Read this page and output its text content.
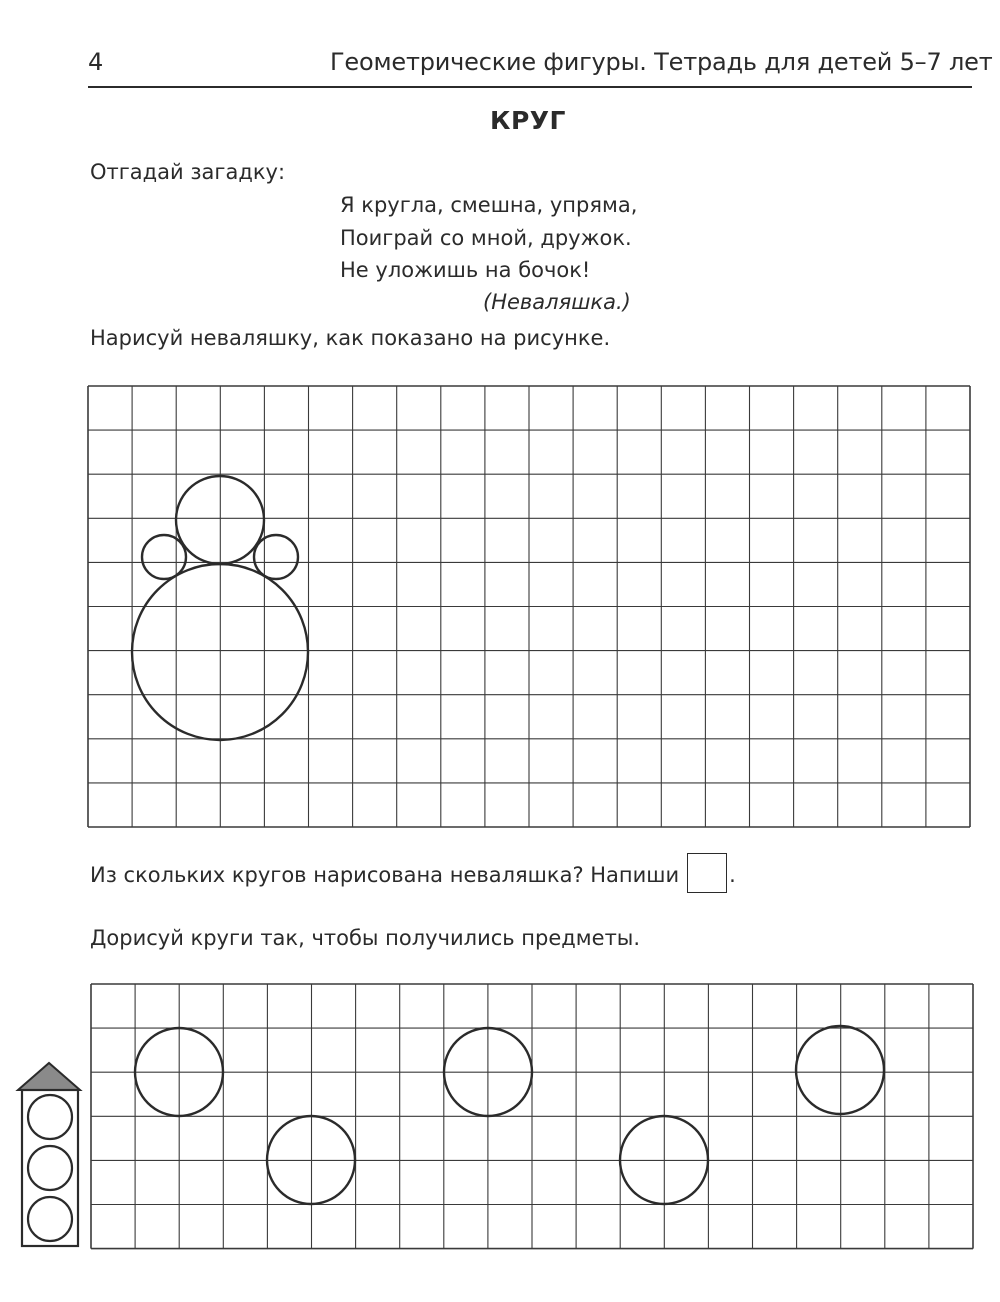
4	Геометрические фигуры. Тетрадь для детей 5–7 лет
КРУГ
Отгадай загадку:
Я кругла, смешна, упряма,
Поиграй со мной, дружок.
Не уложишь на бочок!
(Неваляшка.)
Нарисуй неваляшку, как показано на рисунке.
Из скольких кругов нарисована неваляшка? Напиши .
Дорисуй круги так, чтобы получились предметы.
